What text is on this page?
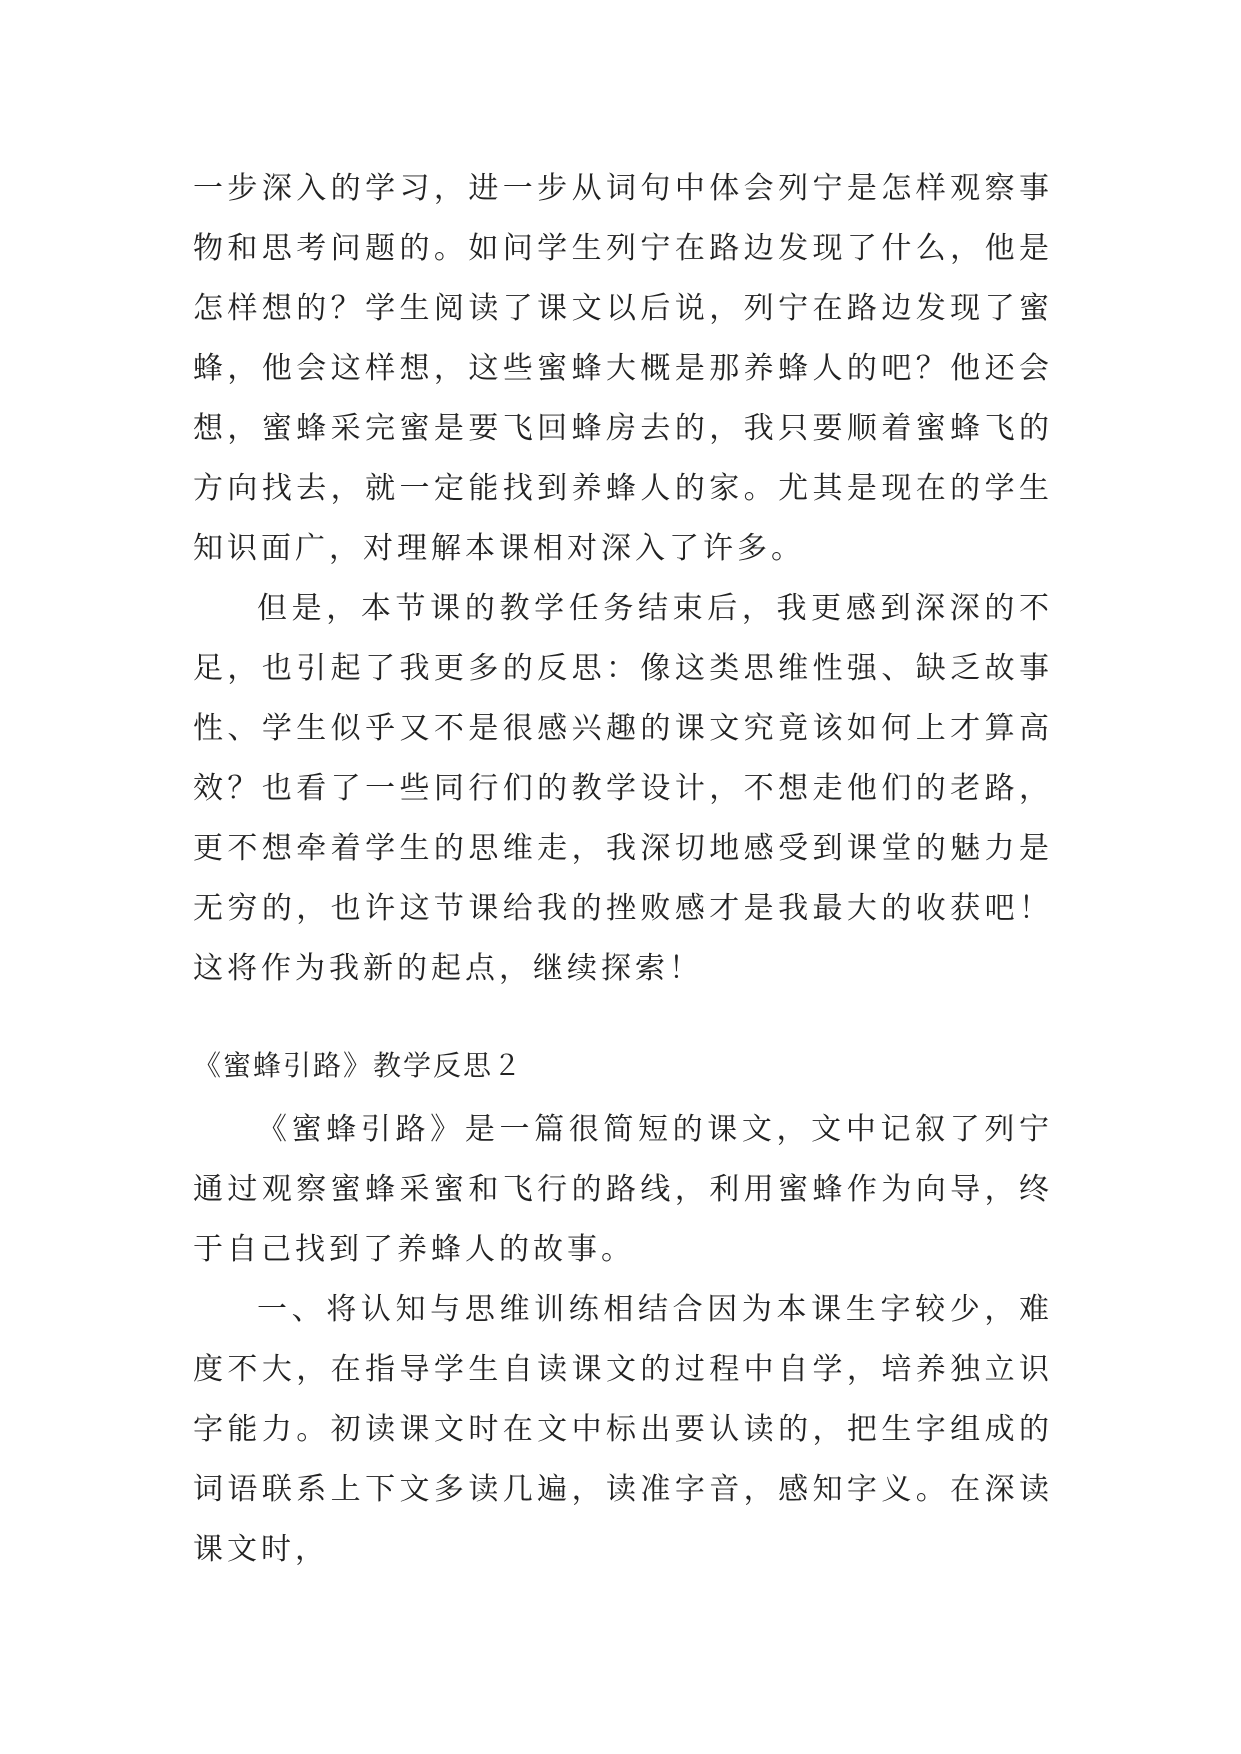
一步深入的学习，进一步从词句中体会列宁是怎样观察事物和思考问题的。如问学生列宁在路边发现了什么，他是怎样想的？学生阅读了课文以后说，列宁在路边发现了蜜蜂，他会这样想，这些蜜蜂大概是那养蜂人的吧？他还会想，蜜蜂采完蜜是要飞回蜂房去的，我只要顺着蜜蜂飞的方向找去，就一定能找到养蜂人的家。尤其是现在的学生知识面广，对理解本课相对深入了许多。

但是，本节课的教学任务结束后，我更感到深深的不足，也引起了我更多的反思：像这类思维性强、缺乏故事性、学生似乎又不是很感兴趣的课文究竟该如何上才算高效？也看了一些同行们的教学设计，不想走他们的老路，更不想牵着学生的思维走，我深切地感受到课堂的魅力是无穷的，也许这节课给我的挫败感才是我最大的收获吧！这将作为我新的起点，继续探索！

《蜜蜂引路》教学反思２

《蜜蜂引路》是一篇很简短的课文，文中记叙了列宁通过观察蜜蜂采蜜和飞行的路线，利用蜜蜂作为向导，终于自己找到了养蜂人的故事。

一、将认知与思维训练相结合因为本课生字较少，难度不大，在指导学生自读课文的过程中自学，培养独立识字能力。初读课文时在文中标出要认读的，把生字组成的词语联系上下文多读几遍，读准字音，感知字义。在深读课文时，
